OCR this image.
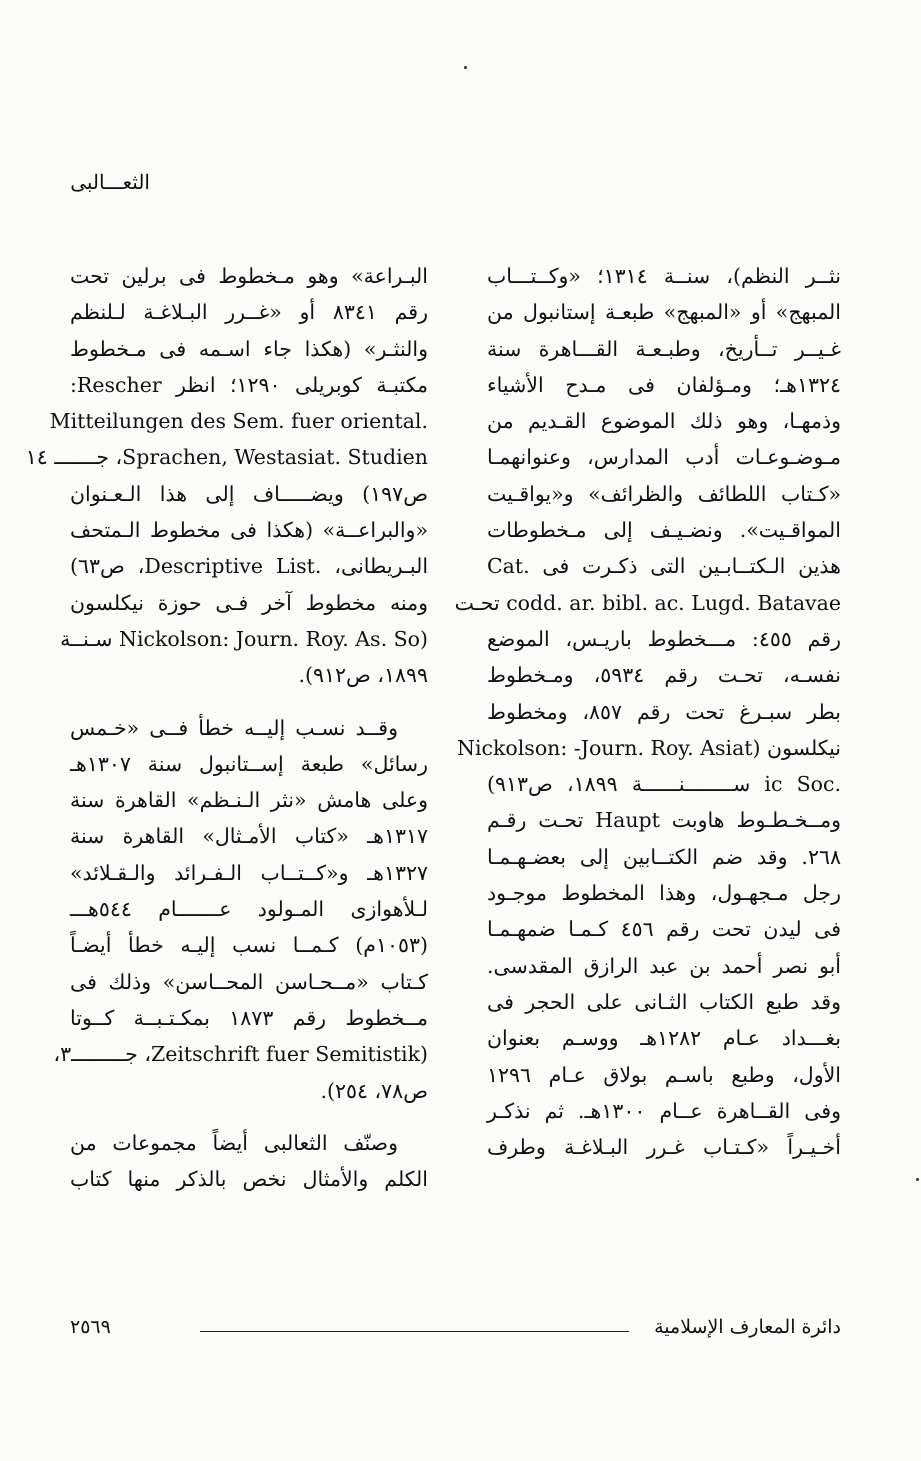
الثعـــالبى
نثــر النظم)، سنــة ١٣١٤؛ «وكــتـــاب
المبهج» أو «المبهج» طبعـة إستانبول من
غـيــر تــأريخ، وطبـعـة القـــاهرة سنة
١٣٢٤هـ؛ ومـؤلفان فى مـدح الأشياء
وذمهـا، وهو ذلك الموضوع القـديم من
مـوضـوعـات أدب المدارس، وعنوانهمـا
«كـتاب اللطائف والظرائف» و«يواقـيت
المواقـيت». ونضـيـف إلى مـخطوطات
هذين الـكتــابـين التى ذكـرت فى .Cat
codd. ar. bibl. ac. Lugd. Batavae تحـت
رقم ٤٥٥: مـــخطوط باريـس، الموضع
نفسـه، تحـت رقم ٥٩٣٤، ومـخطوط
بطر سبـرغ تحت رقم ٨٥٧، ومخطوط
نيكلسون (Nickolson: -Journ. Roy. Asiat
.ic Soc ســــــــنــــــة ١٨٩٩، ص٩١٣)
ومــخـطـوط هاوبت Haupt تحـت رقـم
٢٦٨. وقد ضم الكتــابين إلى بعضـهـمـا
رجل مـجهـول، وهذا المخطوط موجـود
فى ليدن تحت رقم ٤٥٦ كـمـا ضمهـمـا
أبو نصر أحمد بن عبد الرازق المقدسى.
وقد طبع الكتاب الثـانى على الحجر فى
بغـــداد عـام ١٢٨٢هـ ووسـم بعنوان
الأول، وطبع باسـم بولاق عـام ١٢٩٦
وفى القــاهرة عــام ١٣٠٠هـ. ثم نذكـر
أخـيـراً «كـتـاب غـرر البـلاغـة وطرف
البـراعة» وهو مـخطوط فى برلين تحت
رقم ٨٣٤١ أو «غــرر البـلاغـة لـلنظم
والنثـر» (هكذا جاء اسـمه فى مـخطوط
مكتبـة كوبريلى ١٢٩٠؛ انظر Rescher:
.Mitteilungen des Sem. fuer oriental
Sprachen, Westasiat. Studien، جـــــــ ١٤
ص١٩٧) ويضـــــاف إلى هذا الـعـنوان
«والبراعــة» (هكذا فى مخطوط الـمتحف
البـريطانى، .Descriptive List، ص٦٣)
ومنه مخطوط آخر فـى حوزة نيكلسون
(Nickolson: Journ. Roy. As. So سـنــة
١٨٩٩، ص٩١٢).
وقــد نسـب إليــه خطأ فــى «خـمس
رسائل» طبعة إســتانبول سنة ١٣٠٧هـ
وعلى هامش «نثر الـنـظم» القاهرة سنة
١٣١٧هـ «كتاب الأمـثال» القاهرة سنة
١٣٢٧هـ و«كــتــاب الـفـرائد والـقـلائد»
لـلأهوازى المـولود عـــــــام ٥٤٤هـــ
(١٠٥٣م) كـمــا نسب إليـه خطأ أيضـاً
كـتاب «مــحـاسن المحــاسن» وذلك فى
مــخطوط رقم ١٨٧٣ بمكـتـبــة كــوتا
(Zeitschrift fuer Semitistik، جـــــــــ٣،
ص٧٨، ٢٥٤).
وصنّف الثعالبى أيضاً مجموعات من
الكلم والأمثال نخص بالذكر منها كتاب
دائرة المعارف الإسلامية
٢٥٦٩
